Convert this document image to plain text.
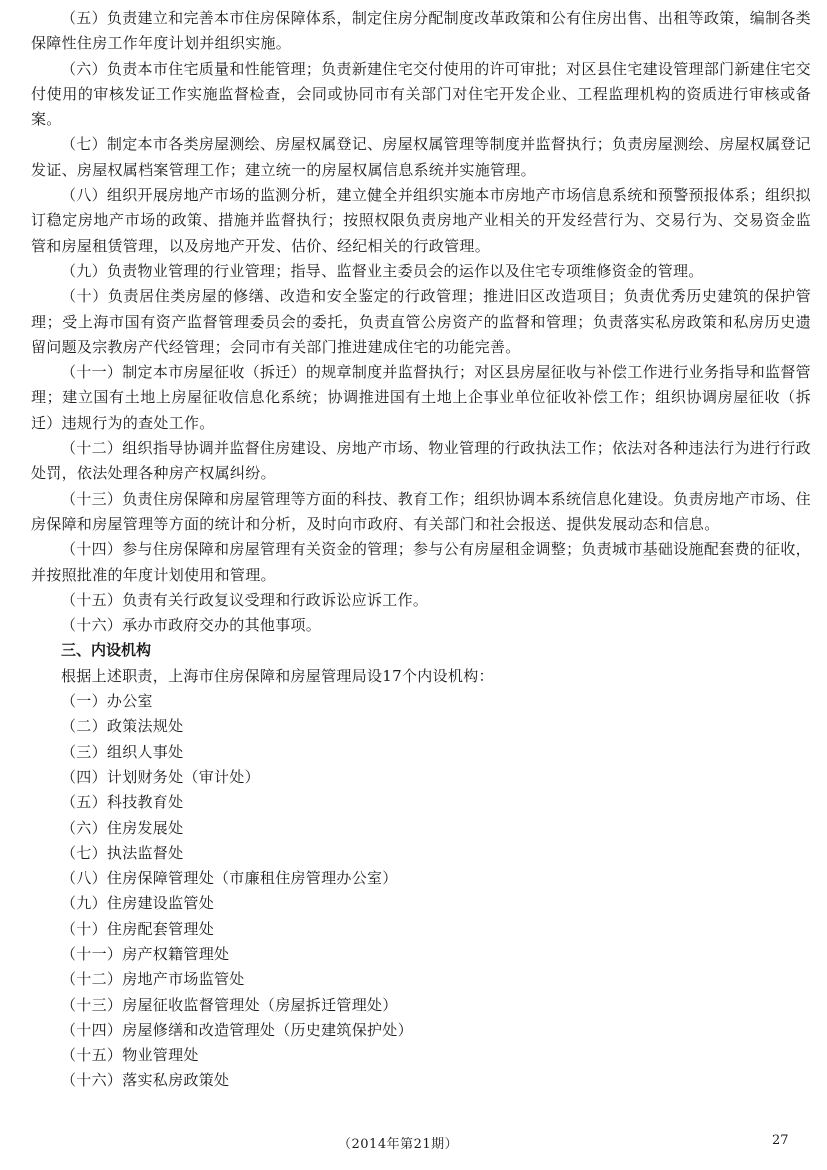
（五）负责建立和完善本市住房保障体系，制定住房分配制度改革政策和公有住房出售、出租等政策，编制各类保障性住房工作年度计划并组织实施。

（六）负责本市住宅质量和性能管理；负责新建住宅交付使用的许可审批；对区县住宅建设管理部门新建住宅交付使用的审核发证工作实施监督检查，会同或协同市有关部门对住宅开发企业、工程监理机构的资质进行审核或备案。

（七）制定本市各类房屋测绘、房屋权属登记、房屋权属管理等制度并监督执行；负责房屋测绘、房屋权属登记发证、房屋权属档案管理工作；建立统一的房屋权属信息系统并实施管理。

（八）组织开展房地产市场的监测分析，建立健全并组织实施本市房地产市场信息系统和预警预报体系；组织拟订稳定房地产市场的政策、措施并监督执行；按照权限负责房地产业相关的开发经营行为、交易行为、交易资金监管和房屋租赁管理，以及房地产开发、估价、经纪相关的行政管理。

（九）负责物业管理的行业管理；指导、监督业主委员会的运作以及住宅专项维修资金的管理。

（十）负责居住类房屋的修缮、改造和安全鉴定的行政管理；推进旧区改造项目；负责优秀历史建筑的保护管理；受上海市国有资产监督管理委员会的委托，负责直管公房资产的监督和管理；负责落实私房政策和私房历史遗留问题及宗教房产代经管理；会同市有关部门推进建成住宅的功能完善。

（十一）制定本市房屋征收（拆迁）的规章制度并监督执行；对区县房屋征收与补偿工作进行业务指导和监督管理；建立国有土地上房屋征收信息化系统；协调推进国有土地上企事业单位征收补偿工作；组织协调房屋征收（拆迁）违规行为的查处工作。

（十二）组织指导协调并监督住房建设、房地产市场、物业管理的行政执法工作；依法对各种违法行为进行行政处罚，依法处理各种房产权属纠纷。

（十三）负责住房保障和房屋管理等方面的科技、教育工作；组织协调本系统信息化建设。负责房地产市场、住房保障和房屋管理等方面的统计和分析，及时向市政府、有关部门和社会报送、提供发展动态和信息。

（十四）参与住房保障和房屋管理有关资金的管理；参与公有房屋租金调整；负责城市基础设施配套费的征收，并按照批准的年度计划使用和管理。

（十五）负责有关行政复议受理和行政诉讼应诉工作。

（十六）承办市政府交办的其他事项。

三、内设机构

根据上述职责，上海市住房保障和房屋管理局设17个内设机构：

（一）办公室

（二）政策法规处

（三）组织人事处

（四）计划财务处（审计处）

（五）科技教育处

（六）住房发展处

（七）执法监督处

（八）住房保障管理处（市廉租住房管理办公室）

（九）住房建设监管处

（十）住房配套管理处

（十一）房产权籍管理处

（十二）房地产市场监管处

（十三）房屋征收监督管理处（房屋拆迁管理处）

（十四）房屋修缮和改造管理处（历史建筑保护处）

（十五）物业管理处

（十六）落实私房政策处

（2014年第21期）	27
